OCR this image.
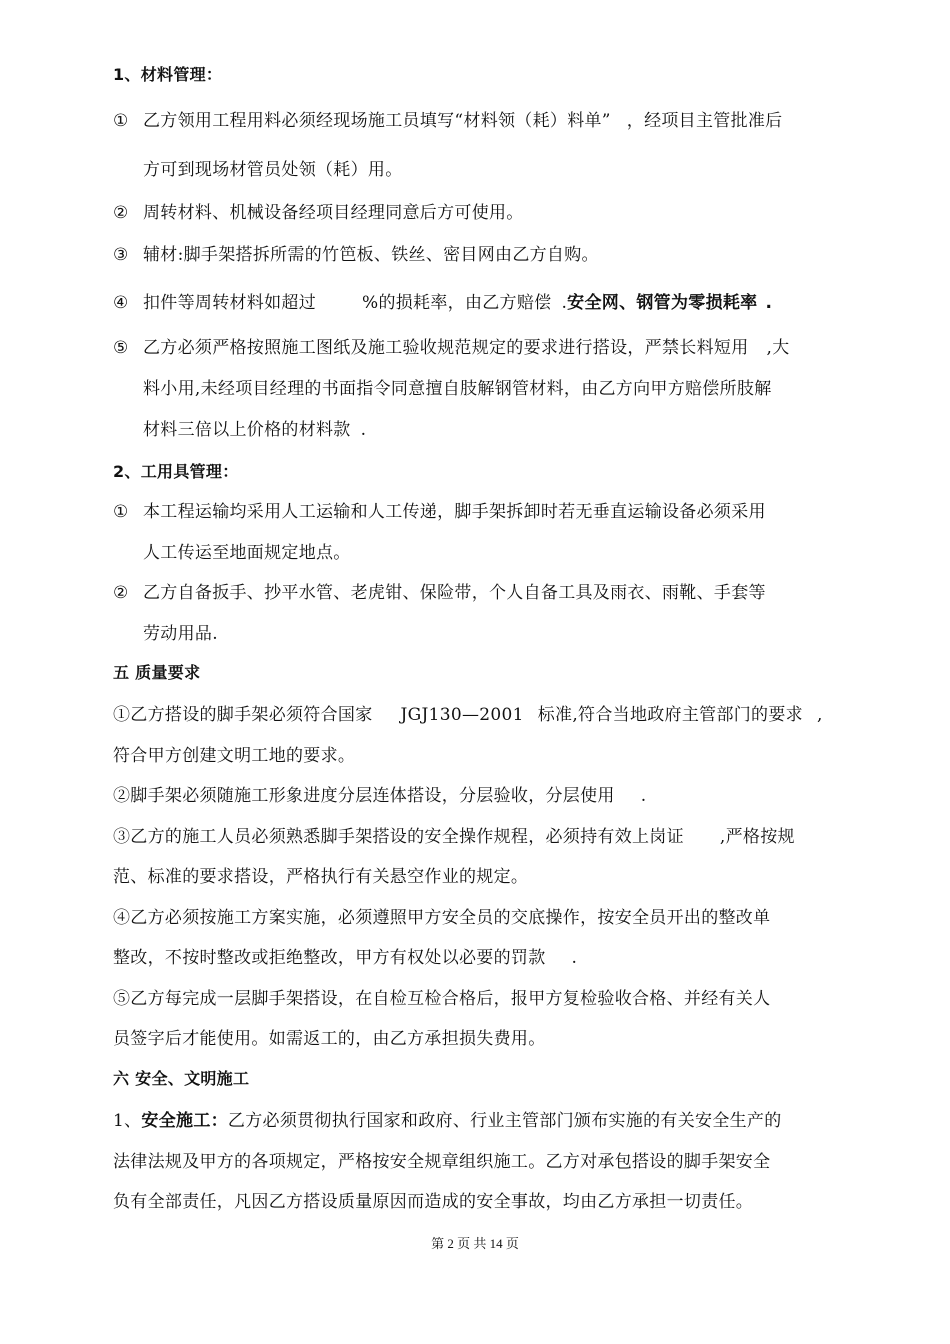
1、材料管理：
① 乙方领用工程用料必须经现场施工员填写“材料领（耗）料单” ，经项目主管批准后
方可到现场材管员处领（耗）用。
② 周转材料、机械设备经项目经理同意后方可使用。
③ 辅材:脚手架搭拆所需的竹笆板、铁丝、密目网由乙方自购。
④ 扣件等周转材料如超过	%的损耗率，由乙方赔偿 .安全网、钢管为零损耗率 .
⑤ 乙方必须严格按照施工图纸及施工验收规范规定的要求进行搭设，严禁长料短用 ,大
料小用,未经项目经理的书面指令同意擅自肢解钢管材料，由乙方向甲方赔偿所肢解
材料三倍以上价格的材料款 .
2、工用具管理：
① 本工程运输均采用人工运输和人工传递，脚手架拆卸时若无垂直运输设备必须采用
人工传运至地面规定地点。
② 乙方自备扳手、抄平水管、老虎钳、保险带，个人自备工具及雨衣、雨靴、手套等
劳动用品.
五 质量要求
①乙方搭设的脚手架必须符合国家 JGJ130—2001 标准,符合当地政府主管部门的要求 ,
符合甲方创建文明工地的要求。
②脚手架必须随施工形象进度分层连体搭设，分层验收，分层使用 .
③乙方的施工人员必须熟悉脚手架搭设的安全操作规程，必须持有效上岗证 ,严格按规
范、标准的要求搭设，严格执行有关悬空作业的规定。
④乙方必须按施工方案实施，必须遵照甲方安全员的交底操作，按安全员开出的整改单
整改，不按时整改或拒绝整改，甲方有权处以必要的罚款 .
⑤乙方每完成一层脚手架搭设，在自检互检合格后，报甲方复检验收合格、并经有关人
员签字后才能使用。如需返工的，由乙方承担损失费用。
六 安全、文明施工
1、安全施工：乙方必须贯彻执行国家和政府、行业主管部门颁布实施的有关安全生产的
法律法规及甲方的各项规定，严格按安全规章组织施工。乙方对承包搭设的脚手架安全
负有全部责任，凡因乙方搭设质量原因而造成的安全事故，均由乙方承担一切责任。
第 2 页 共 14 页
